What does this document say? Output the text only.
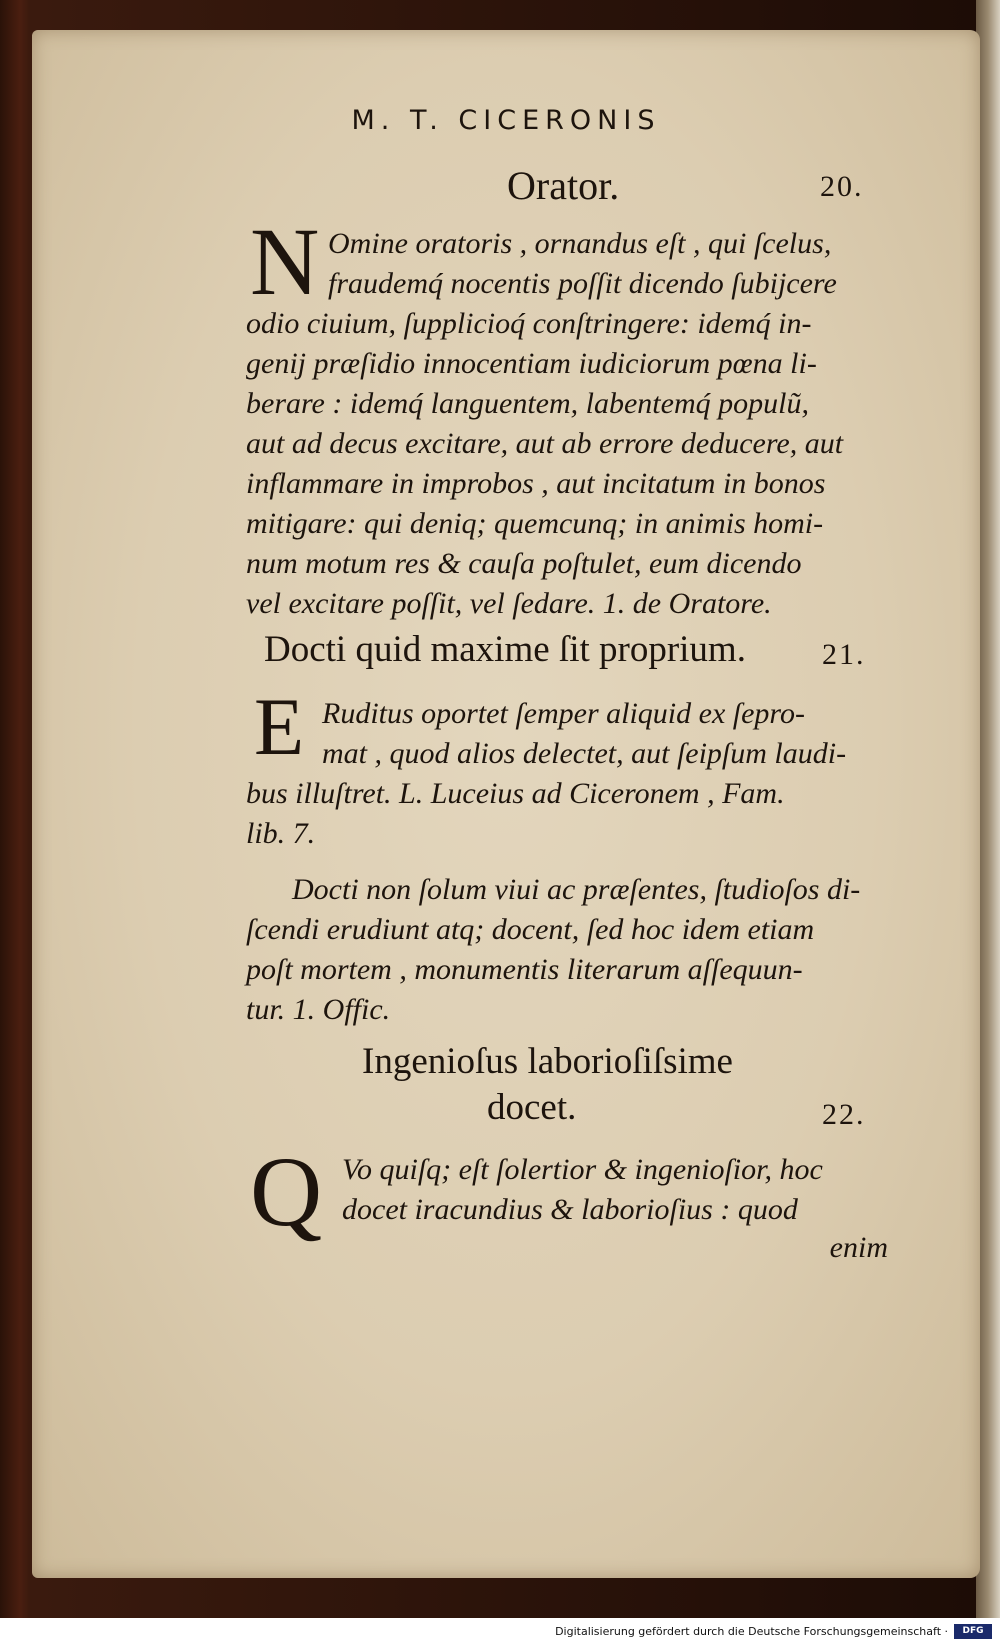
M. T. CICERONIS
Orator.	20.
N Omine oratoris , ornandus eſt , qui ſcelus,
fraudemq́ nocentis poſſit dicendo ſubijcere
odio ciuium, ſupplicioq́ conſtringere: idemq́ in-
genij præſidio innocentiam iudiciorum pœna li-
berare : idemq́ languentem, labentemq́ populũ,
aut ad decus excitare, aut ab errore deducere, aut
inflammare in improbos , aut incitatum in bonos
mitigare: qui deniq; quemcunq; in animis homi-
num motum res & cauſa poſtulet, eum dicendo
vel excitare poſſit, vel ſedare. 1. de Oratore.
Docti quid maxime ſit proprium.	21.
E Ruditus oportet ſemper aliquid ex ſepro-
mat , quod alios delectet, aut ſeipſum laudi-
bus illuſtret. L. Luceius ad Ciceronem , Fam.
lib. 7.
Docti non ſolum viui ac præſentes, ſtudioſos di-
ſcendi erudiunt atq; docent, ſed hoc idem etiam
poſt mortem , monumentis literarum aſſequun-
tur. 1. Offic.
Ingenioſus laborioſiſsime
docet.	22.
Q Vo quiſq; eſt ſolertior & ingenioſior, hoc
docet iracundius & laborioſius : quod
enim
Digitalisierung gefördert durch die Deutsche Forschungsgemeinschaft ·	DFG
